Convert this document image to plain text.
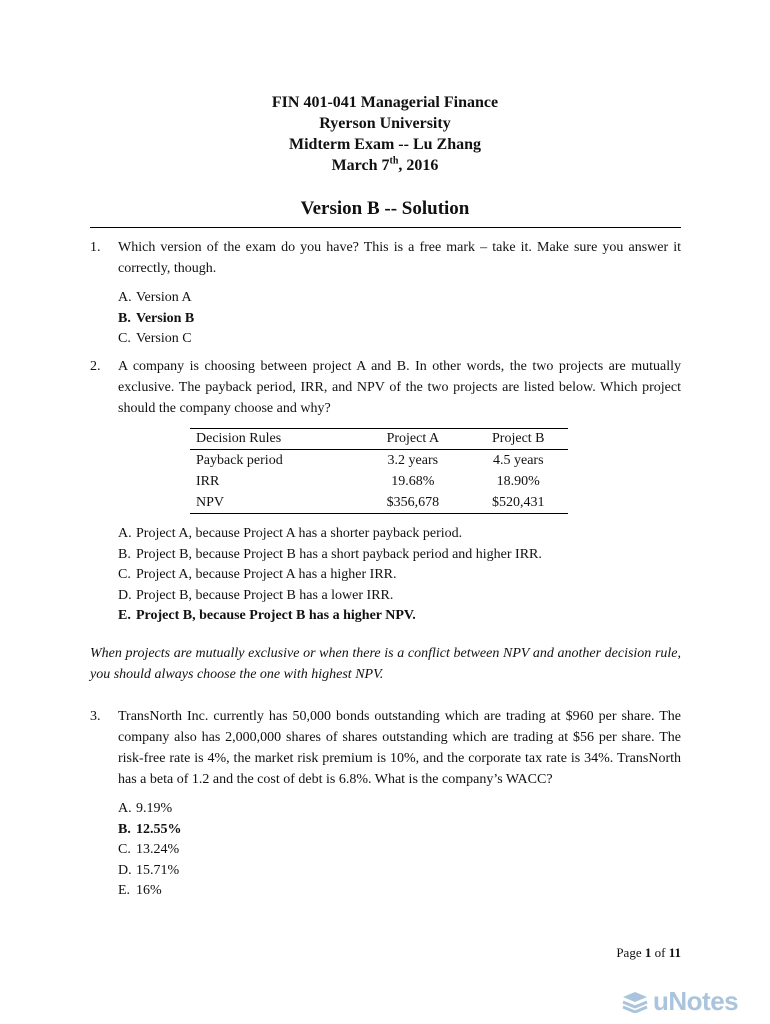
FIN 401-041 Managerial Finance
Ryerson University
Midterm Exam -- Lu Zhang
March 7th, 2016
Version B -- Solution
1. Which version of the exam do you have? This is a free mark – take it. Make sure you answer it correctly, though.
A. Version A
B. Version B
C. Version C
2. A company is choosing between project A and B. In other words, the two projects are mutually exclusive. The payback period, IRR, and NPV of the two projects are listed below. Which project should the company choose and why?
Decision Rules	Project A	Project B
Payback period	3.2 years	4.5 years
IRR	19.68%	18.90%
NPV	$356,678	$520,431
A. Project A, because Project A has a shorter payback period.
B. Project B, because Project B has a short payback period and higher IRR.
C. Project A, because Project A has a higher IRR.
D. Project B, because Project B has a lower IRR.
E. Project B, because Project B has a higher NPV.
When projects are mutually exclusive or when there is a conflict between NPV and another decision rule, you should always choose the one with highest NPV.
3. TransNorth Inc. currently has 50,000 bonds outstanding which are trading at $960 per share. The company also has 2,000,000 shares of shares outstanding which are trading at $56 per share. The risk-free rate is 4%, the market risk premium is 10%, and the corporate tax rate is 34%. TransNorth has a beta of 1.2 and the cost of debt is 6.8%. What is the company’s WACC?
A. 9.19%
B. 12.55%
C. 13.24%
D. 15.71%
E. 16%
Page 1 of 11
uNotes
